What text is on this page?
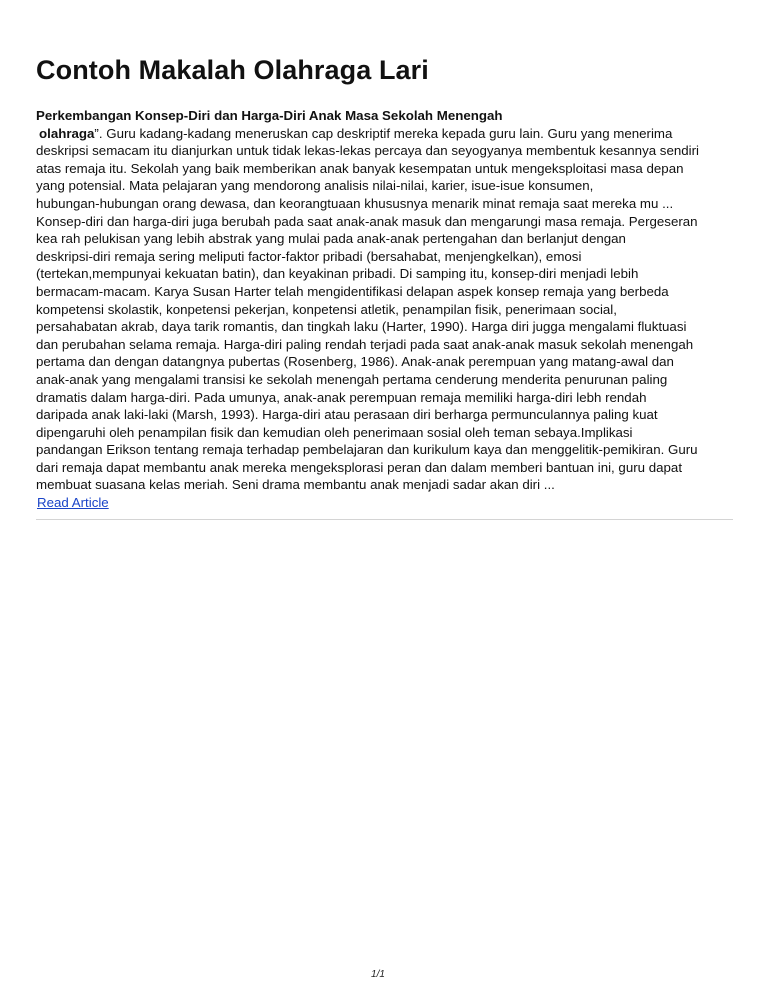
Contoh Makalah Olahraga Lari
Perkembangan Konsep-Diri dan Harga-Diri Anak Masa Sekolah Menengah
olahraga”. Guru kadang-kadang meneruskan cap deskriptif mereka kepada guru lain. Guru yang menerima
deskripsi semacam itu dianjurkan untuk tidak lekas-lekas percaya dan seyogyanya membentuk kesannya sendiri
atas remaja itu. Sekolah yang baik memberikan anak banyak kesempatan untuk mengeksploitasi masa depan
yang potensial. Mata pelajaran yang mendorong analisis nilai-nilai, karier, isue-isue konsumen,
hubungan-hubungan orang dewasa, dan keorangtuaan khususnya menarik minat remaja saat mereka mu ...
Konsep-diri dan harga-diri juga berubah pada saat anak-anak masuk dan mengarungi masa remaja. Pergeseran
kea rah pelukisan yang lebih abstrak yang mulai pada anak-anak pertengahan dan berlanjut dengan
deskripsi-diri remaja sering meliputi factor-faktor pribadi (bersahabat, menjengkelkan), emosi
(tertekan,mempunyai kekuatan batin), dan keyakinan pribadi. Di samping itu, konsep-diri menjadi lebih
bermacam-macam. Karya Susan Harter telah mengidentifikasi delapan aspek konsep remaja yang berbeda
kompetensi skolastik, konpetensi pekerjan, konpetensi atletik, penampilan fisik, penerimaan social,
persahabatan akrab, daya tarik romantis, dan tingkah laku (Harter, 1990). Harga diri jugga mengalami fluktuasi
dan perubahan selama remaja. Harga-diri paling rendah terjadi pada saat anak-anak masuk sekolah menengah
pertama dan dengan datangnya pubertas (Rosenberg, 1986). Anak-anak perempuan yang matang-awal dan
anak-anak yang mengalami transisi ke sekolah menengah pertama cenderung menderita penurunan paling
dramatis dalam harga-diri. Pada umunya, anak-anak perempuan remaja memiliki harga-diri lebh rendah
daripada anak laki-laki (Marsh, 1993). Harga-diri atau perasaan diri berharga permunculannya paling kuat
dipengaruhi oleh penampilan fisik dan kemudian oleh penerimaan sosial oleh teman sebaya.Implikasi
pandangan Erikson tentang remaja terhadap pembelajaran dan kurikulum kaya dan menggelitik-pemikiran. Guru
dari remaja dapat membantu anak mereka mengeksplorasi peran dan dalam memberi bantuan ini, guru dapat
membuat suasana kelas meriah. Seni drama membantu anak menjadi sadar akan diri ...
Read Article
1/1
